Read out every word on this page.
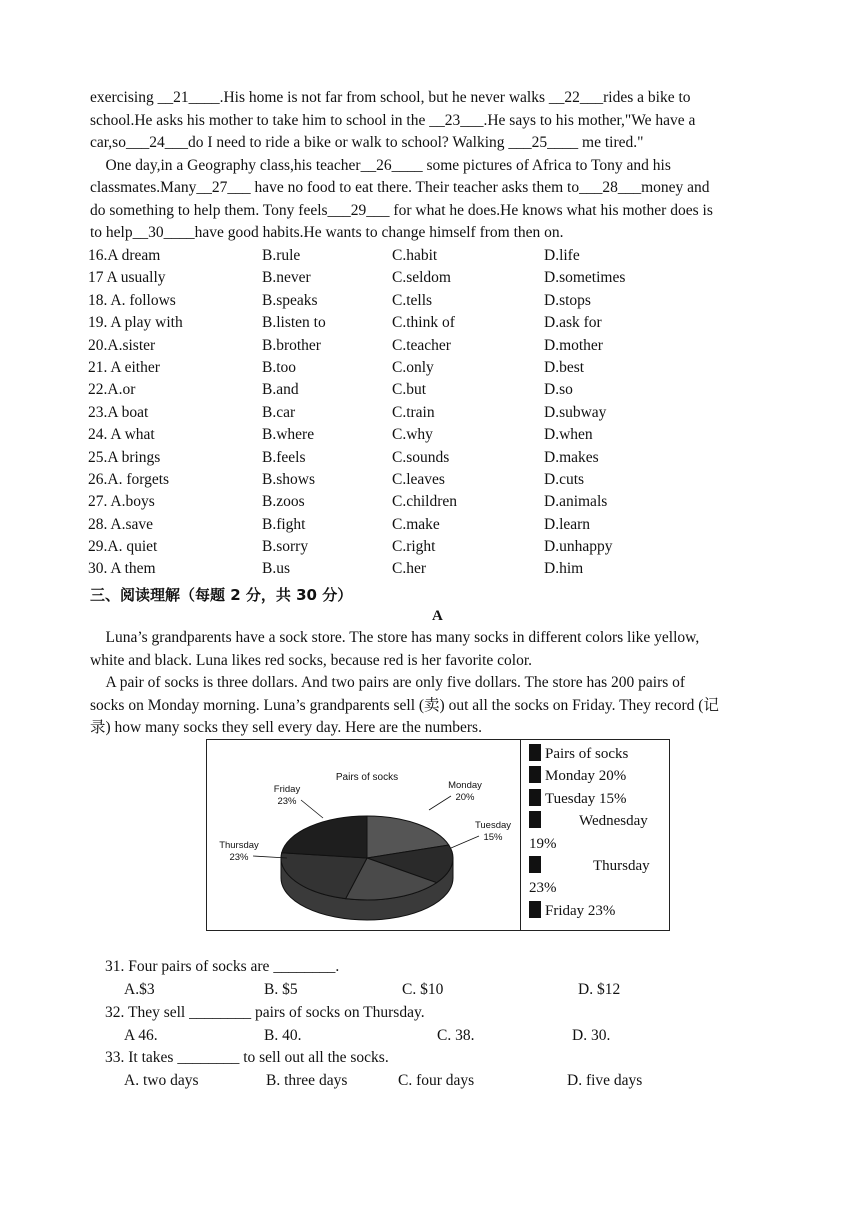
exercising __21____.His home is not far from school, but he never walks __22___rides a bike to
school.He asks his mother to take him to school in the __23___.He says to his mother,"We have a
car,so___24___do I need to ride a bike or walk to school? Walking ___25____ me tired."
One day,in a Geography class,his teacher__26____ some pictures of Africa to Tony and his
classmates.Many__27___ have no food to eat there. Their teacher asks them to___28___money and
do something to help them. Tony feels___29___ for what he does.He knows what his mother does is
to help__30____have good habits.He wants to change himself from then on.
16.A dream	B.rule	C.habit	D.life
17 A usually	B.never	C.seldom	D.sometimes
18. A. follows	B.speaks	C.tells	D.stops
19. A play with	B.listen to	C.think of	D.ask for
20.A.sister	B.brother	C.teacher	D.mother
21. A either	B.too	C.only	D.best
22.A.or	B.and	C.but	D.so
23.A boat	B.car	C.train	D.subway
24. A what	B.where	C.why	D.when
25.A brings	B.feels	C.sounds	D.makes
26.A. forgets	B.shows	C.leaves	D.cuts
27. A.boys	B.zoos	C.children	D.animals
28. A.save	B.fight	C.make	D.learn
29.A. quiet	B.sorry	C.right	D.unhappy
30. A them	B.us	C.her	D.him
三、阅读理解（每题 2 分，共 30 分）
A
Luna’s grandparents have a sock store. The store has many socks in different colors like yellow,
white and black. Luna likes red socks, because red is her favorite color.
A pair of socks is three dollars. And two pairs are only five dollars. The store has 200 pairs of
socks on Monday morning. Luna’s grandparents sell (卖) out all the socks on Friday. They record (记
录) how many socks they sell every day. Here are the numbers.
Pairs of socks
Monday
20%
Tuesday
15%
Thursday
23%
Friday
23%
Pairs of socks
Monday 20%
Tuesday 15%
Wednesday
19%
Thursday
23%
Friday 23%
31. Four pairs of socks are ________.
A.$3	B. $5	C. $10	D. $12
32. They sell ________ pairs of socks on Thursday.
A 46.	B. 40.	C. 38.	D. 30.
33. It takes ________ to sell out all the socks.
A. two days	B. three days	C. four days	D. five days
